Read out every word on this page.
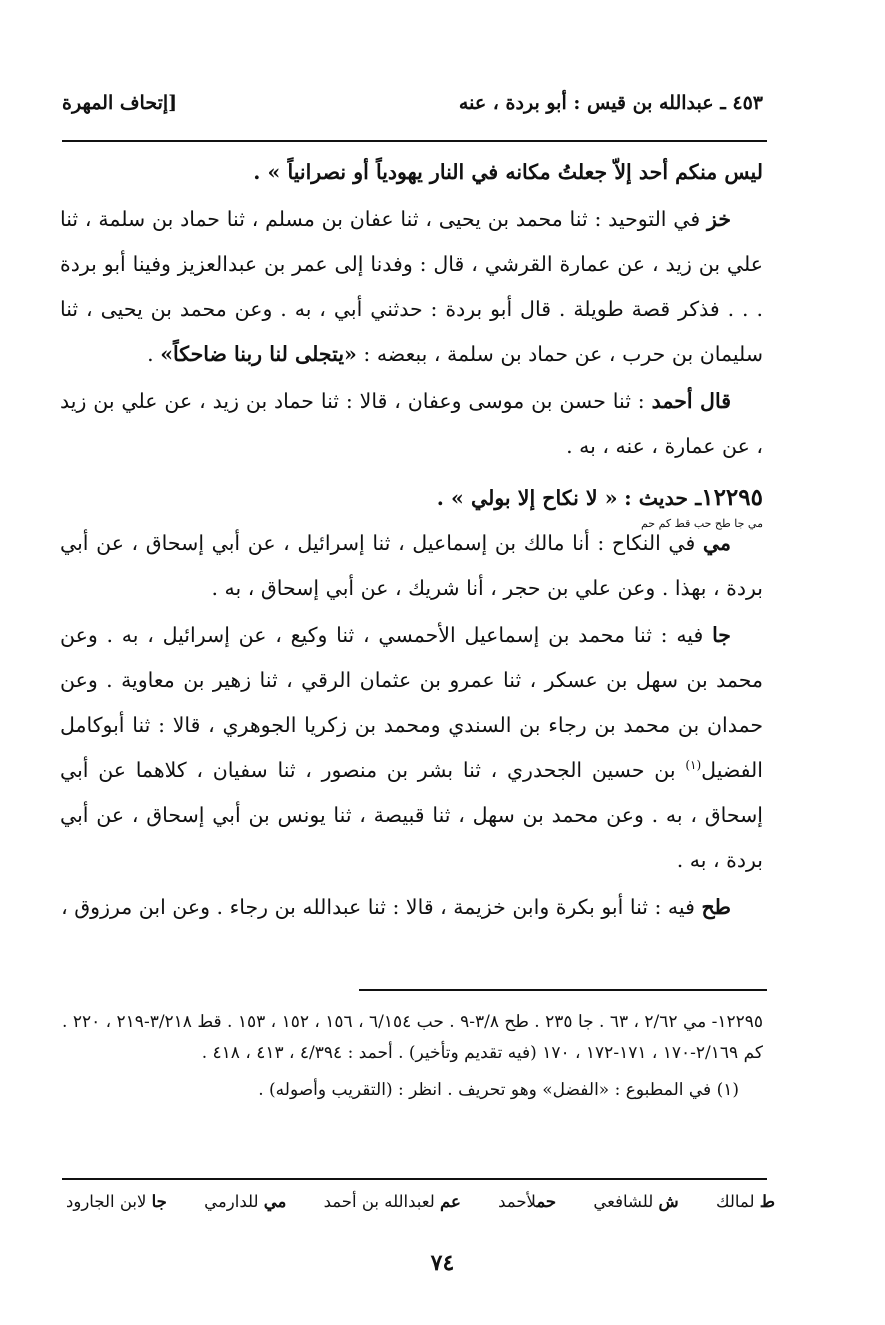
٤٥٣ ـ عبدالله بن قيس : أبو بردة ، عنه
[إتحاف المهرة

ليس منكم أحد إلاّ جعلتُ مكانه في النار يهودياً أو نصرانياً » .

خز في التوحيد : ثنا محمد بن يحيى ، ثنا عفان بن مسلم ، ثنا حماد بن سلمة ، ثنا علي بن زيد ، عن عمارة القرشي ، قال : وفدنا إلى عمر بن عبدالعزيز وفينا أبو بردة . . . فذكر قصة طويلة . قال أبو بردة : حدثني أبي ، به . وعن محمد بن يحيى ، ثنا سليمان بن حرب ، عن حماد بن سلمة ، ببعضه : «يتجلى لنا ربنا ضاحكاً» .

قال أحمد : ثنا حسن بن موسى وعفان ، قالا : ثنا حماد بن زيد ، عن علي بن زيد ، عن عمارة ، عنه ، به .

١٢٢٩٥ـ حديث : « لا نكاح إلا بولي » .

مي في النكاح : أنا مالك بن إسماعيل ، ثنا إسرائيل ، عن أبي إسحاق ، عن أبي بردة ، بهذا . وعن علي بن حجر ، أنا شريك ، عن أبي إسحاق ، به .

جا فيه : ثنا محمد بن إسماعيل الأحمسي ، ثنا وكيع ، عن إسرائيل ، به . وعن محمد بن سهل بن عسكر ، ثنا عمرو بن عثمان الرقي ، ثنا زهير بن معاوية . وعن حمدان بن محمد بن رجاء بن السندي ومحمد بن زكريا الجوهري ، قالا : ثنا أبوكامل الفضيل$^{(١)}$ بن حسين الجحدري ، ثنا بشر بن منصور ، ثنا سفيان ، كلاهما عن أبي إسحاق ، به . وعن محمد بن سهل ، ثنا قبيصة ، ثنا يونس بن أبي إسحاق ، عن أبي بردة ، به .

طح فيه : ثنا أبو بكرة وابن خزيمة ، قالا : ثنا عبدالله بن رجاء . وعن ابن مرزوق ،

مي جا طح حب قط كم حم

١٢٢٩٥- مي ٢/٦٢ ، ٦٣ . جا ٢٣٥ . طح ٣/٨-٩ . حب ٦/١٥٤ ، ١٥٦ ، ١٥٢ ، ١٥٣ . قط ٣/٢١٨-٢١٩ ، ٢٢٠ . كم ٢/١٦٩-١٧٠ ، ١٧١-١٧٢ ، ١٧٠ (فيه تقديم وتأخير) . أحمد : ٤/٣٩٤ ، ٤١٣ ، ٤١٨ .

(١) في المطبوع : «الفضل» وهو تحريف . انظر : (التقريب وأصوله) .

ط لمالك
ش للشافعي
حملأحمد
عم لعبدالله بن أحمد
مي للدارمي
جا لابن الجارود
٧٤
